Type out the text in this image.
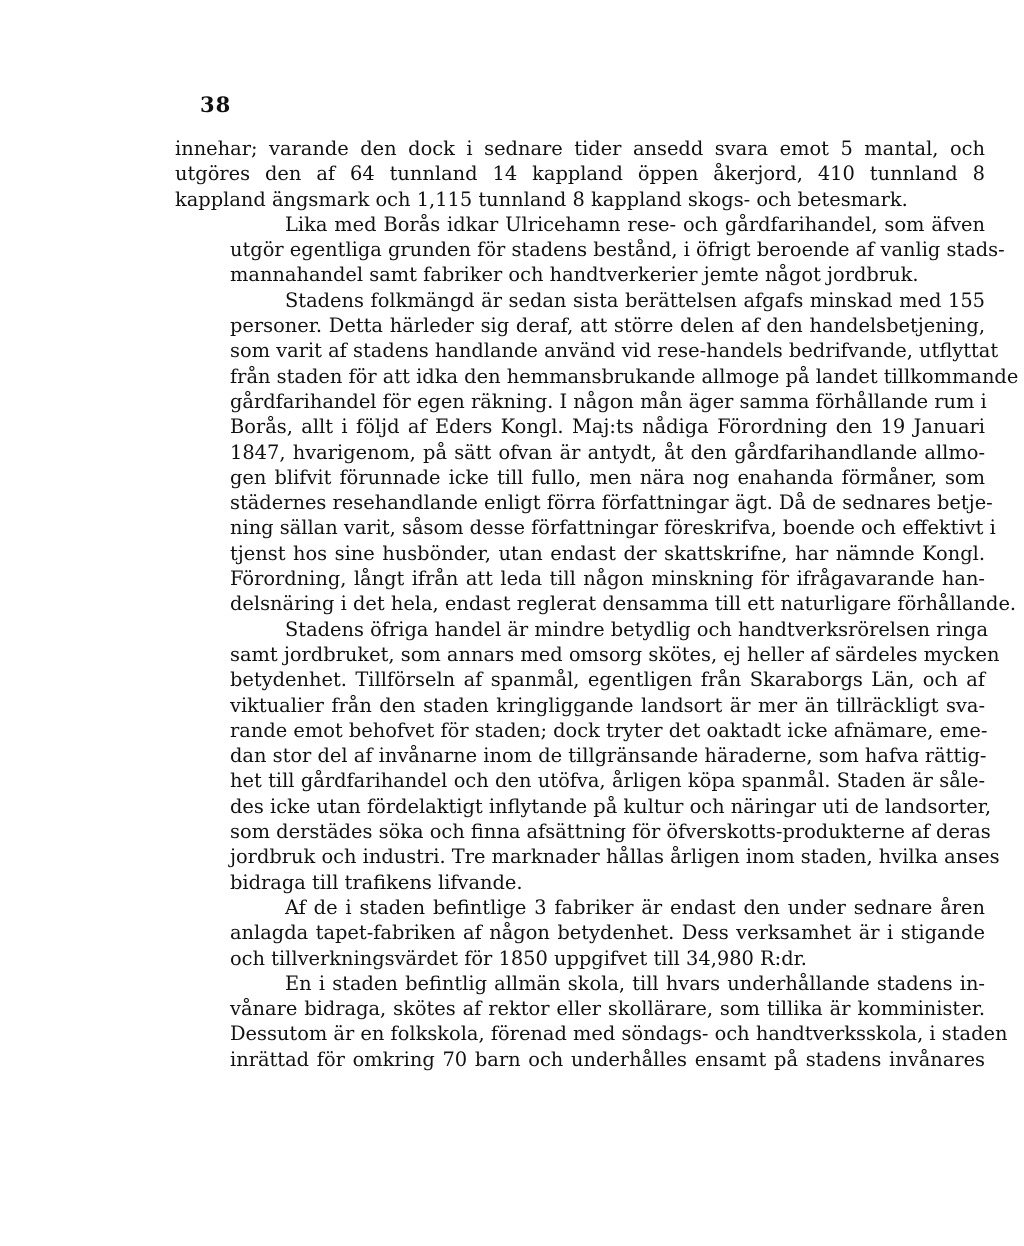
38

innehar; varande den dock i sednare tider ansedd svara emot 5 mantal, och
utgöres den af 64 tunnland 14 kappland öppen åkerjord, 410 tunnland 8
kappland ängsmark och 1,115 tunnland 8 kappland skogs- och betesmark.

Lika med Borås idkar Ulricehamn rese- och gårdfarihandel, som äfven
utgör egentliga grunden för stadens bestånd, i öfrigt beroende af vanlig stads-
mannahandel samt fabriker och handtverkerier jemte något jordbruk.

Stadens folkmängd är sedan sista berättelsen afgafs minskad med 155
personer. Detta härleder sig deraf, att större delen af den handelsbetjening,
som varit af stadens handlande använd vid rese-handels bedrifvande, utflyttat
från staden för att idka den hemmansbrukande allmoge på landet tillkommande
gårdfarihandel för egen räkning. I någon mån äger samma förhållande rum i
Borås, allt i följd af Eders Kongl. Maj:ts nådiga Förordning den 19 Januari
1847, hvarigenom, på sätt ofvan är antydt, åt den gårdfarihandlande allmo-
gen blifvit förunnade icke till fullo, men nära nog enahanda förmåner, som
städernes resehandlande enligt förra författningar ägt. Då de sednares betje-
ning sällan varit, såsom desse författningar föreskrifva, boende och effektivt i
tjenst hos sine husbönder, utan endast der skattskrifne, har nämnde Kongl.
Förordning, långt ifrån att leda till någon minskning för ifrågavarande han-
delsnäring i det hela, endast reglerat densamma till ett naturligare förhållande.

Stadens öfriga handel är mindre betydlig och handtverksrörelsen ringa
samt jordbruket, som annars med omsorg skötes, ej heller af särdeles mycken
betydenhet. Tillförseln af spanmål, egentligen från Skaraborgs Län, och af
viktualier från den staden kringliggande landsort är mer än tillräckligt sva-
rande emot behofvet för staden; dock tryter det oaktadt icke afnämare, eme-
dan stor del af invånarne inom de tillgränsande häraderne, som hafva rättig-
het till gårdfarihandel och den utöfva, årligen köpa spanmål. Staden är såle-
des icke utan fördelaktigt inflytande på kultur och näringar uti de landsorter,
som derstädes söka och finna afsättning för öfverskotts-produkterne af deras
jordbruk och industri. Tre marknader hållas årligen inom staden, hvilka anses
bidraga till trafikens lifvande.

Af de i staden befintlige 3 fabriker är endast den under sednare åren
anlagda tapet-fabriken af någon betydenhet. Dess verksamhet är i stigande
och tillverkningsvärdet för 1850 uppgifvet till 34,980 R:dr.

En i staden befintlig allmän skola, till hvars underhållande stadens in-
vånare bidraga, skötes af rektor eller skollärare, som tillika är komminister.
Dessutom är en folkskola, förenad med söndags- och handtverksskola, i staden
inrättad för omkring 70 barn och underhålles ensamt på stadens invånares
